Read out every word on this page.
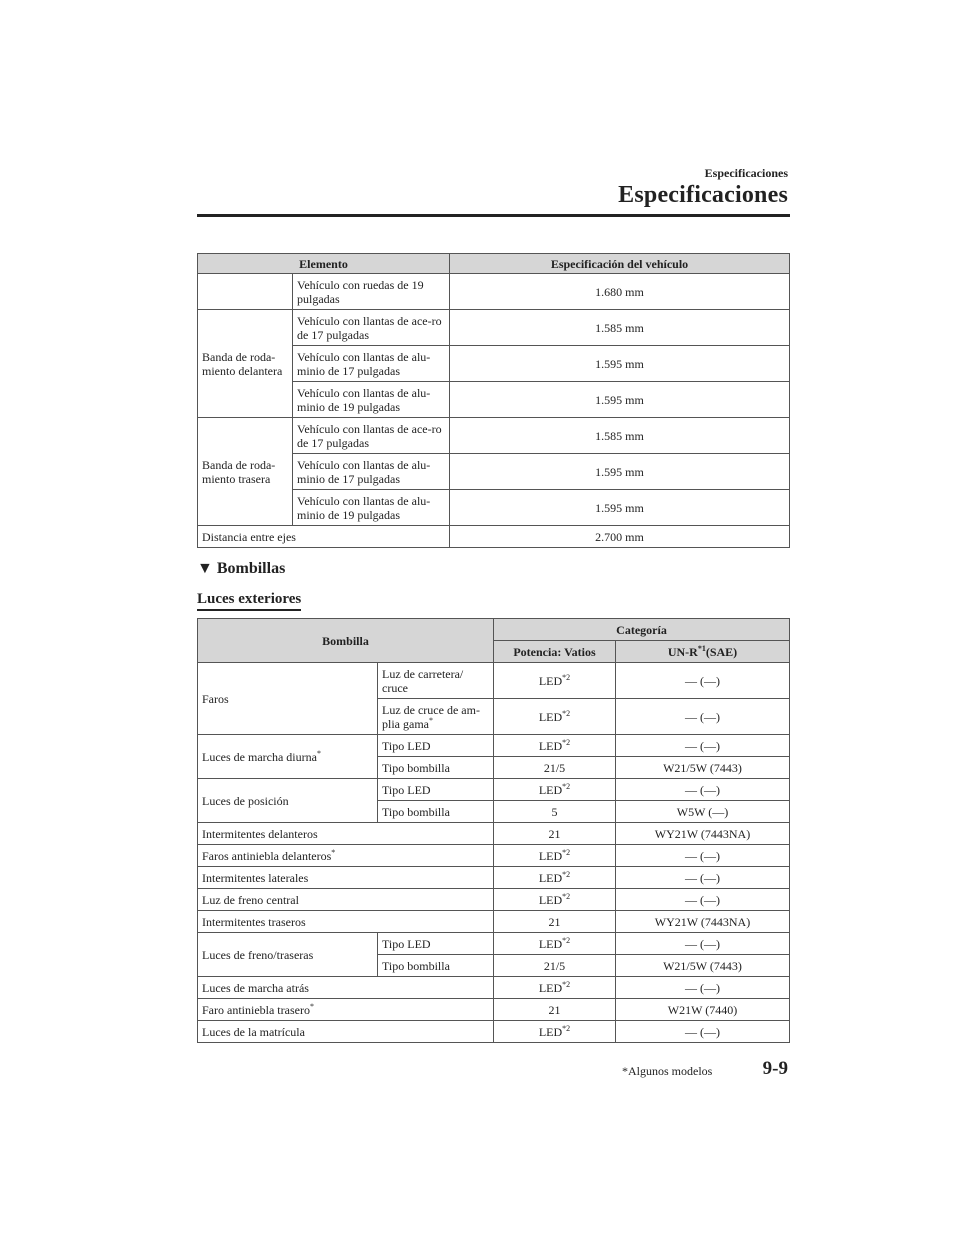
Especificaciones
Especificaciones
Elemento		Especificación del vehículo
	Vehículo con ruedas de 19 pulgadas	1.680 mm
Banda de roda-miento delantera	Vehículo con llantas de ace-ro de 17 pulgadas	1.585 mm
	Vehículo con llantas de alu-minio de 17 pulgadas	1.595 mm
	Vehículo con llantas de alu-minio de 19 pulgadas	1.595 mm
Banda de roda-miento trasera	Vehículo con llantas de ace-ro de 17 pulgadas	1.585 mm
	Vehículo con llantas de alu-minio de 17 pulgadas	1.595 mm
	Vehículo con llantas de alu-minio de 19 pulgadas	1.595 mm
Distancia entre ejes		2.700 mm
▼ Bombillas
Luces exteriores
Bombilla		Categoría	
		Potencia: Vatios	$UN-R^{*1}(SAE)$
Faros	Luz de carretera/ cruce	LED$^{*2}$	— (—)
	Luz de cruce de am-plia gama*	LED$^{*2}$	— (—)
Luces de marcha diurna*	Tipo LED	LED$^{*2}$	— (—)
	Tipo bombilla	21/5	W21/5W (7443)
Luces de posición	Tipo LED	LED$^{*2}$	— (—)
	Tipo bombilla	5	W5W (—)
Intermitentes delanteros		21	WY21W (7443NA)
Faros antiniebla delanteros*		LED$^{*2}$	— (—)
Intermitentes laterales		LED$^{*2}$	— (—)
Luz de freno central		LED$^{*2}$	— (—)
Intermitentes traseros		21	WY21W (7443NA)
Luces de freno/traseras	Tipo LED	LED$^{*2}$	— (—)
	Tipo bombilla	21/5	W21/5W (7443)
Luces de marcha atrás		LED$^{*2}$	— (—)
Faro antiniebla trasero*		21	W21W (7440)
Luces de la matrícula		LED$^{*2}$	— (—)
*Algunos modelos	9-9
